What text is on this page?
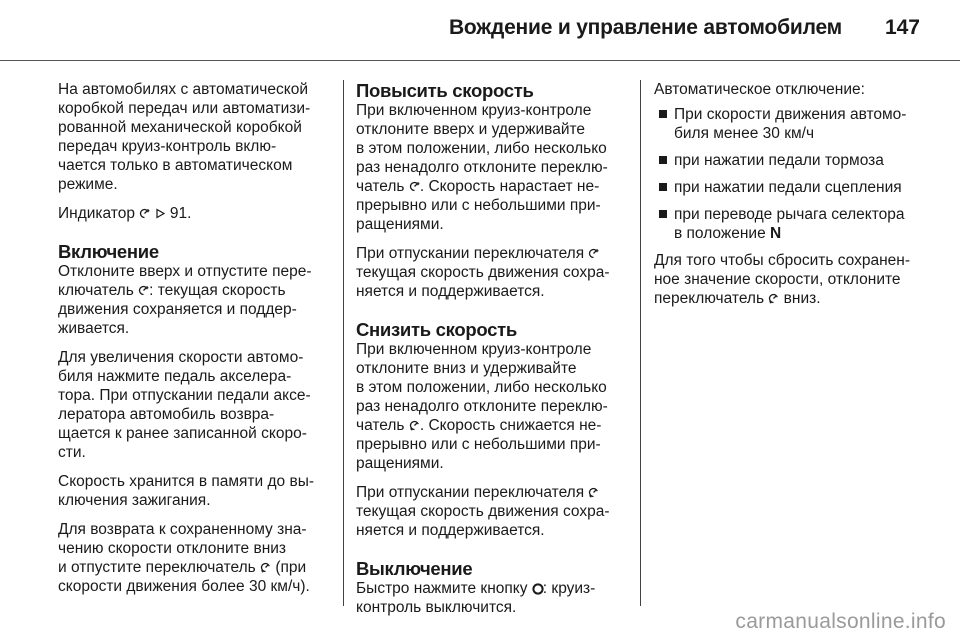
Вождение и управление автомобилем 147

На автомобилях с автоматической
коробкой передач или автоматизи-
рованной механической коробкой
передач круиз-контроль вклю-
чается только в автоматическом
режиме.

Индикатор
91.

Включение

Отклоните вверх и отпустите пере-
ключатель : текущая скорость
движения сохраняется и поддер-
живается.

Для увеличения скорости автомо-
биля нажмите педаль акселера-
тора. При отпускании педали аксе-
лератора автомобиль возвра-
щается к ранее записанной скоро-
сти.

Скорость хранится в памяти до вы-
ключения зажигания.

Для возврата к сохраненному зна-
чению скорости отклоните вниз
и отпустите переключатель (при
скорости движения более 30 км/ч).

Повысить скорость

При включенном круиз-контроле
отклоните вверх и удерживайте
в этом положении, либо несколько
раз ненадолго отклоните переклю-
чатель . Скорость нарастает не-
прерывно или с небольшими при-
ращениями.

При отпускании переключателя
текущая скорость движения сохра-
няется и поддерживается.

Снизить скорость

При включенном круиз-контроле
отклоните вниз и удерживайте
в этом положении, либо несколько
раз ненадолго отклоните переклю-
чатель . Скорость снижается не-
прерывно или с небольшими при-
ращениями.

При отпускании переключателя
текущая скорость движения сохра-
няется и поддерживается.

Выключение

Быстро нажмите кнопку : круиз-
контроль выключится.

Автоматическое отключение:

При скорости движения автомо-
биля менее 30 км/ч
при нажатии педали тормоза
при нажатии педали сцепления
при переводе рычага селектора
в положение N

Для того чтобы сбросить сохранен-
ное значение скорости, отклоните
переключатель вниз.

carmanualsonline.info
